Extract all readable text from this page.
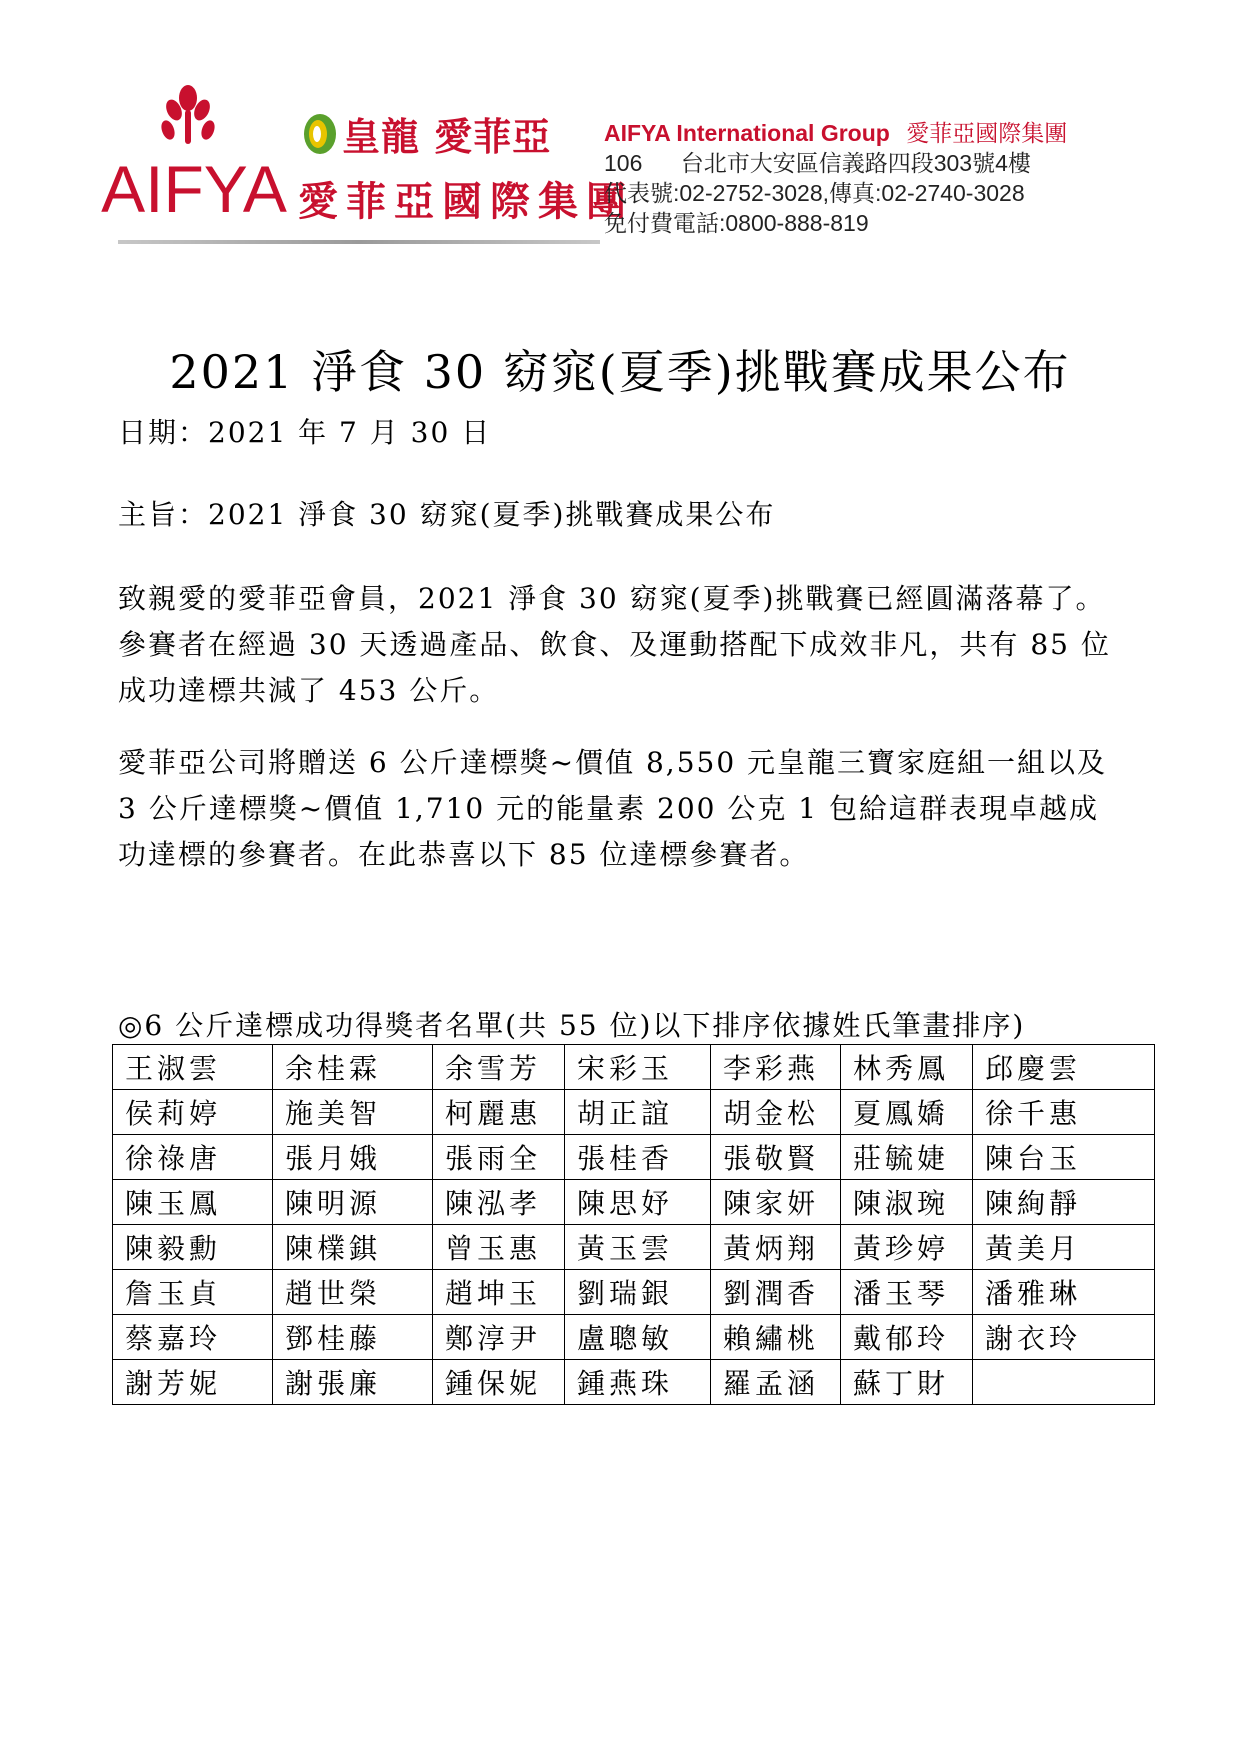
AIFYA
皇龍 愛菲亞
愛菲亞國際集團
AIFYA International Group 愛菲亞國際集團
106      台北市大安區信義路四段303號4樓
代表號:02-2752-3028,傳真:02-2740-3028
免付費電話:0800-888-819
2021 淨食 30 窈窕(夏季)挑戰賽成果公布

日期：2021 年 7 月 30 日

主旨：2021 淨食 30 窈窕(夏季)挑戰賽成果公布

致親愛的愛菲亞會員，2021 淨食 30 窈窕(夏季)挑戰賽已經圓滿落幕了。參賽者在經過 30 天透過產品、飲食、及運動搭配下成效非凡，共有 85 位成功達標共減了 453 公斤。

愛菲亞公司將贈送 6 公斤達標獎~價值 8,550 元皇龍三寶家庭組一組以及 3 公斤達標獎~價值 1,710 元的能量素 200 公克 1 包給這群表現卓越成功達標的參賽者。在此恭喜以下 85 位達標參賽者。

◎6 公斤達標成功得獎者名單(共 55 位)以下排序依據姓氏筆畫排序)

王淑雲	余桂霖	余雪芳	宋彩玉	李彩燕	林秀鳳	邱慶雲
侯莉婷	施美智	柯麗惠	胡正誼	胡金松	夏鳳嬌	徐千惠
徐祿唐	張月娥	張雨全	張桂香	張敬賢	莊毓婕	陳台玉
陳玉鳳	陳明源	陳泓孝	陳思妤	陳家妍	陳淑琬	陳絢靜
陳毅勳	陳檏錤	曾玉惠	黃玉雲	黃炳翔	黃珍婷	黃美月
詹玉貞	趙世榮	趙坤玉	劉瑞銀	劉潤香	潘玉琴	潘雅琳
蔡嘉玲	鄧桂藤	鄭淳尹	盧聰敏	賴繡桃	戴郁玲	謝衣玲
謝芳妮	謝張廉	鍾保妮	鍾燕珠	羅孟涵	蘇丁財	
